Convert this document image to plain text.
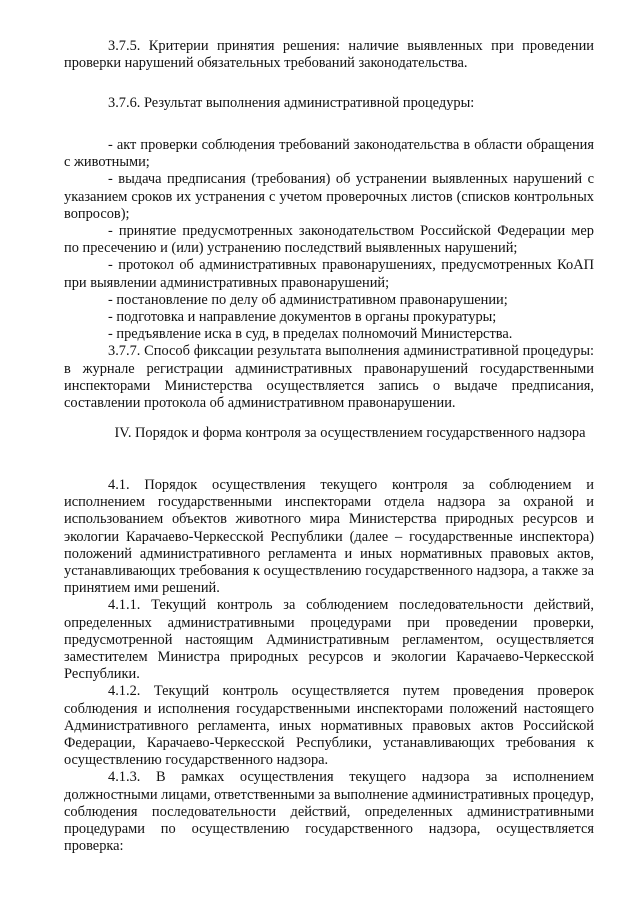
3.7.5. Критерии принятия решения: наличие выявленных при проведении проверки нарушений обязательных требований законодательства.

3.7.6. Результат выполнения административной процедуры:

- акт проверки соблюдения требований законодательства в области обращения с животными;

- выдача предписания (требования) об устранении выявленных нарушений с указанием сроков их устранения с учетом проверочных листов (списков контрольных вопросов);

- принятие предусмотренных законодательством Российской Федерации мер по пресечению и (или) устранению последствий выявленных нарушений;

- протокол об административных правонарушениях, предусмотренных КоАП при выявлении административных правонарушений;

- постановление по делу об административном правонарушении;

- подготовка и направление документов в органы прокуратуры;

- предъявление иска в суд, в пределах полномочий Министерства.

3.7.7. Способ фиксации результата выполнения административной процедуры: в журнале регистрации административных правонарушений государственными инспекторами Министерства осуществляется запись о выдаче предписания, составлении протокола об административном правонарушении.

IV. Порядок и форма контроля за осуществлением государственного надзора

4.1. Порядок осуществления текущего контроля за соблюдением и исполнением государственными инспекторами отдела надзора за охраной и использованием объектов животного мира Министерства природных ресурсов и экологии Карачаево-Черкесской Республики (далее – государственные инспектора) положений административного регламента и иных нормативных правовых актов, устанавливающих требования к осуществлению государственного надзора, а также за принятием ими решений.

4.1.1. Текущий контроль за соблюдением последовательности действий, определенных административными процедурами при проведении проверки, предусмотренной настоящим Административным регламентом, осуществляется заместителем Министра природных ресурсов и экологии Карачаево-Черкесской Республики.

4.1.2. Текущий контроль осуществляется путем проведения проверок соблюдения и исполнения государственными инспекторами положений настоящего Административного регламента, иных нормативных правовых актов Российской Федерации, Карачаево-Черкесской Республики, устанавливающих требования к осуществлению государственного надзора.

4.1.3. В рамках осуществления текущего надзора за исполнением должностными лицами, ответственными за выполнение административных процедур, соблюдения последовательности действий, определенных административными процедурами по осуществлению государственного надзора, осуществляется проверка:
